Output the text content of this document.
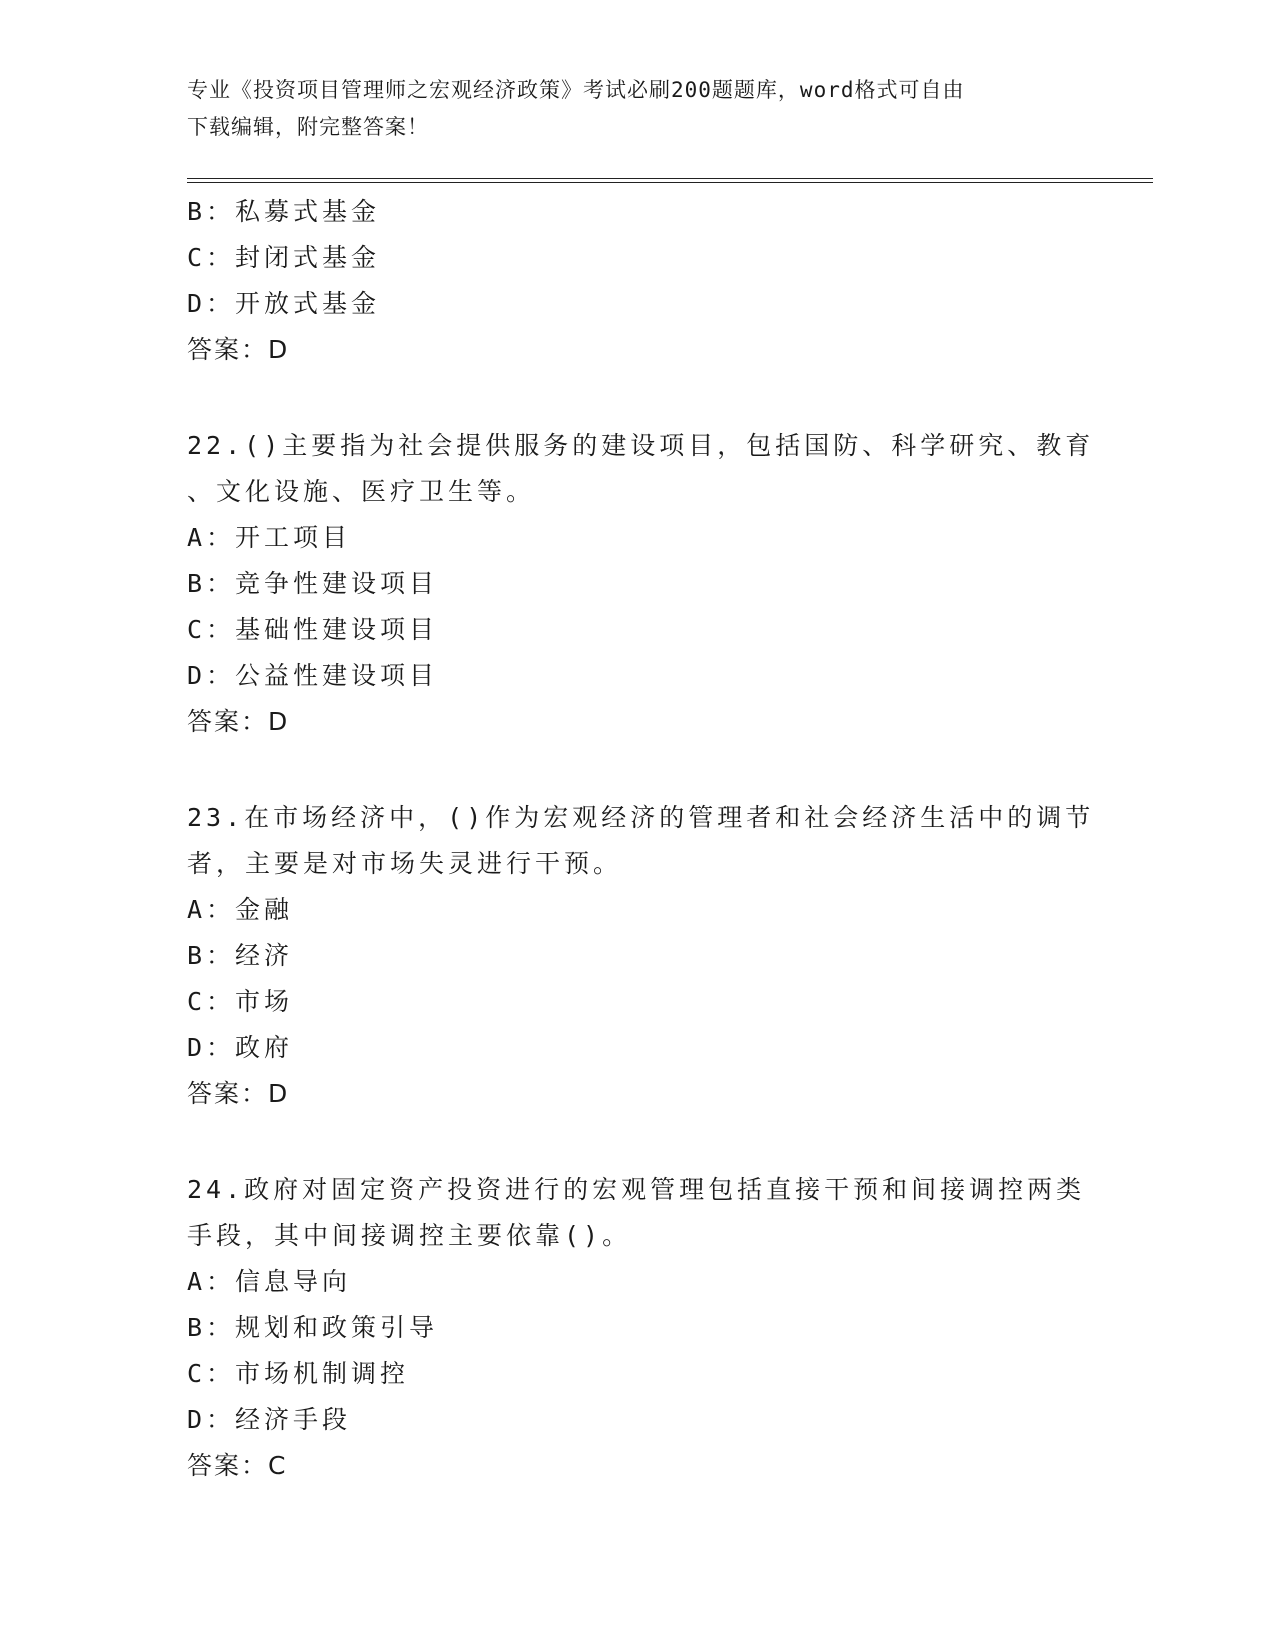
专业《投资项目管理师之宏观经济政策》考试必刷200题题库，word格式可自由
下载编辑，附完整答案！
B：私募式基金
C：封闭式基金
D：开放式基金
答案：D
22.()主要指为社会提供服务的建设项目，包括国防、科学研究、教育
、文化设施、医疗卫生等。
A：开工项目
B：竞争性建设项目
C：基础性建设项目
D：公益性建设项目
答案：D
23.在市场经济中，()作为宏观经济的管理者和社会经济生活中的调节
者，主要是对市场失灵进行干预。
A：金融
B：经济
C：市场
D：政府
答案：D
24.政府对固定资产投资进行的宏观管理包括直接干预和间接调控两类
手段，其中间接调控主要依靠()。
A：信息导向
B：规划和政策引导
C：市场机制调控
D：经济手段
答案：C
